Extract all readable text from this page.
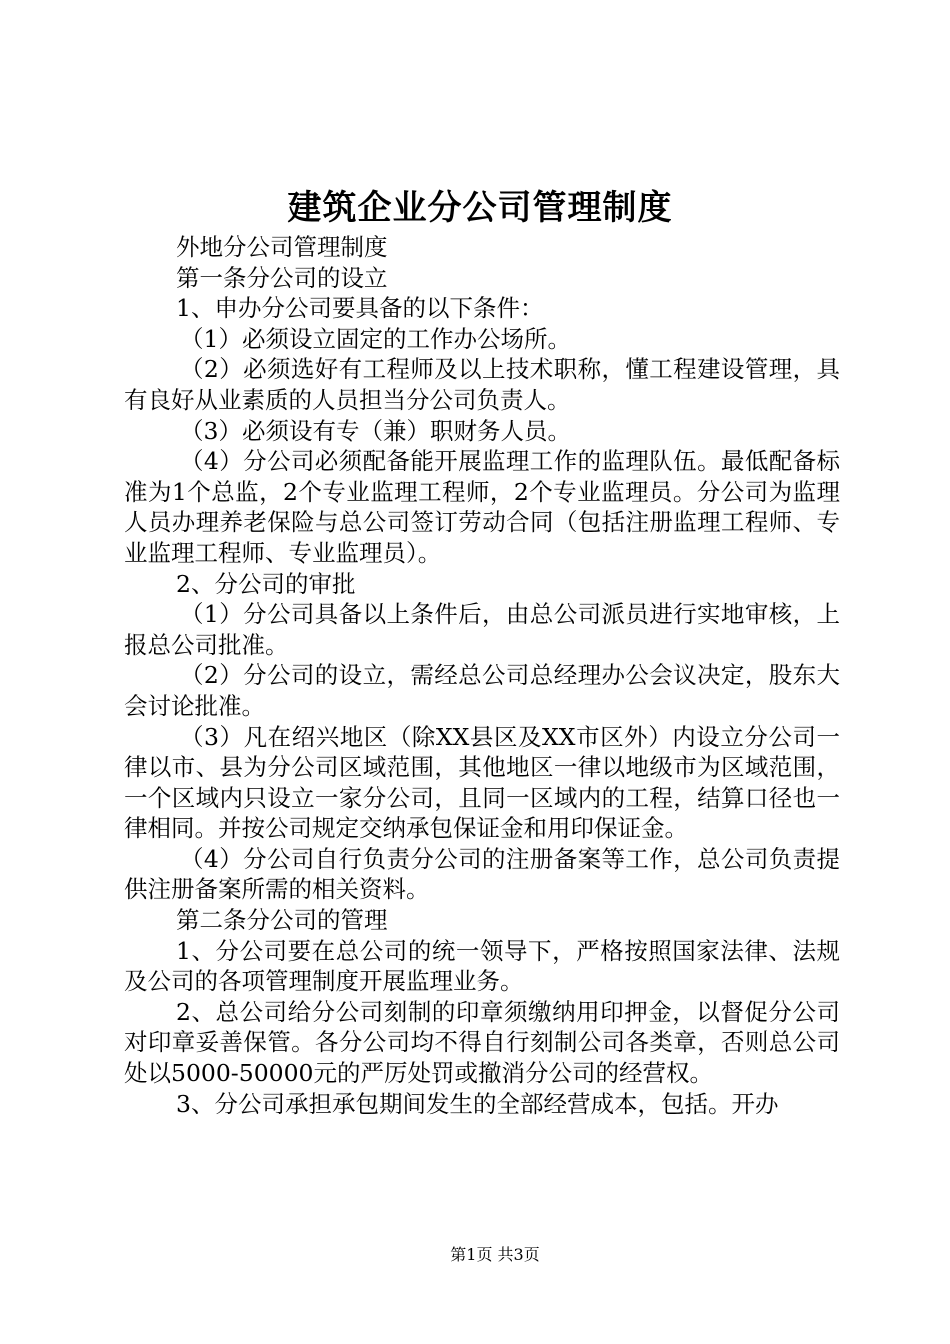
建筑企业分公司管理制度

外地分公司管理制度

第一条分公司的设立

1、申办分公司要具备的以下条件：

（1）必须设立固定的工作办公场所。

（2）必须选好有工程师及以上技术职称，懂工程建设管理，具有良好从业素质的人员担当分公司负责人。

（3）必须设有专（兼）职财务人员。

（4）分公司必须配备能开展监理工作的监理队伍。最低配备标准为1个总监，2个专业监理工程师，2个专业监理员。分公司为监理人员办理养老保险与总公司签订劳动合同（包括注册监理工程师、专业监理工程师、专业监理员）。

2、分公司的审批

（1）分公司具备以上条件后，由总公司派员进行实地审核，上报总公司批准。

（2）分公司的设立，需经总公司总经理办公会议决定，股东大会讨论批准。

（3）凡在绍兴地区（除XX县区及XX市区外）内设立分公司一律以市、县为分公司区域范围，其他地区一律以地级市为区域范围，一个区域内只设立一家分公司，且同一区域内的工程，结算口径也一律相同。并按公司规定交纳承包保证金和用印保证金。

（4）分公司自行负责分公司的注册备案等工作，总公司负责提供注册备案所需的相关资料。

第二条分公司的管理

1、分公司要在总公司的统一领导下，严格按照国家法律、法规及公司的各项管理制度开展监理业务。

2、总公司给分公司刻制的印章须缴纳用印押金，以督促分公司对印章妥善保管。各分公司均不得自行刻制公司各类章，否则总公司处以5000-50000元的严厉处罚或撤消分公司的经营权。

3、分公司承担承包期间发生的全部经营成本，包括。开办

第1页 共3页
